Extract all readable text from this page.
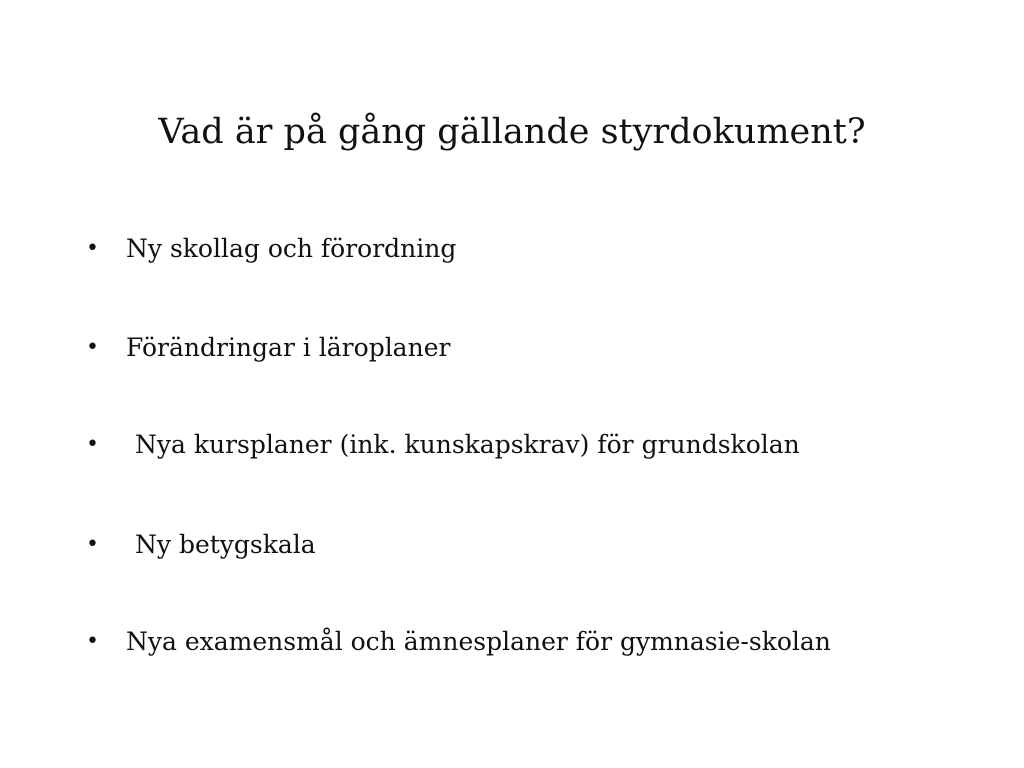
Vad är på gång gällande styrdokument?
• Ny skollag och förordning
• Förändringar i läroplaner
• Nya kursplaner (ink. kunskapskrav) för grundskolan
• Ny betygskala
• Nya examensmål och ämnesplaner för gymnasie-skolan
